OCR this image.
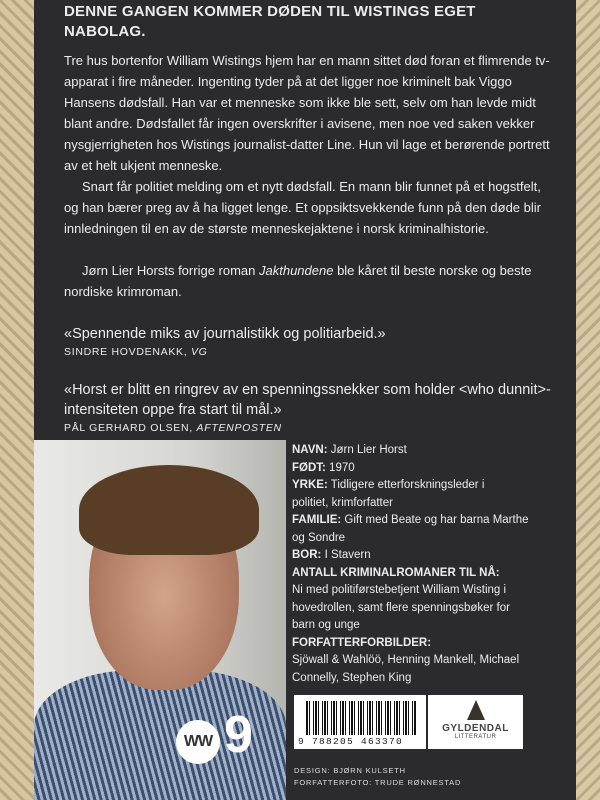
DENNE GANGEN KOMMER DØDEN TIL WISTINGS EGET NABOLAG.

Tre hus bortenfor William Wistings hjem har en mann sittet død foran et flimrende tv-apparat i fire måneder. Ingenting tyder på at det ligger noe kriminelt bak Viggo Hansens dødsfall. Han var et menneske som ikke ble sett, selv om han levde midt blant andre. Dødsfallet får ingen overskrifter i avisene, men noe ved saken vekker nysgjerrigheten hos Wistings journalist-datter Line. Hun vil lage et berørende portrett av et helt ukjent menneske.

Snart får politiet melding om et nytt dødsfall. En mann blir funnet på et hogstfelt, og han bærer preg av å ha ligget lenge. Et oppsiktsvekkende funn på den døde blir innledningen til en av de største menneskejaktene i norsk kriminalhistorie.

Jørn Lier Horsts forrige roman Jakthundene ble kåret til beste norske og beste nordiske krimroman.

«Spennende miks av journalistikk og politiarbeid.»
SINDRE HOVDENAKK, VG
«Horst er blitt en ringrev av en spenningssnekker som holder <who dunnit>-intensiteten oppe fra start til mål.»
PÅL GERHARD OLSEN, AFTENPOSTEN
WW 9
NAVN: Jørn Lier Horst
FØDT: 1970
YRKE: Tidligere etterforskningsleder i politiet, krimforfatter
FAMILIE: Gift med Beate og har barna Marthe og Sondre
BOR: I Stavern
ANTALL KRIMINALROMANER TIL NÅ:
Ni med politiførstebetjent William Wisting i hovedrollen, samt flere spenningsbøker for barn og unge
FORFATTERFORBILDER:
Sjöwall & Wahlöö, Henning Mankell, Michael Connelly, Stephen King
9 788205 463370
GYLDENDAL
LITTERATUR
DESIGN: BJØRN KULSETH
FORFATTERFOTO: TRUDE RØNNESTAD
